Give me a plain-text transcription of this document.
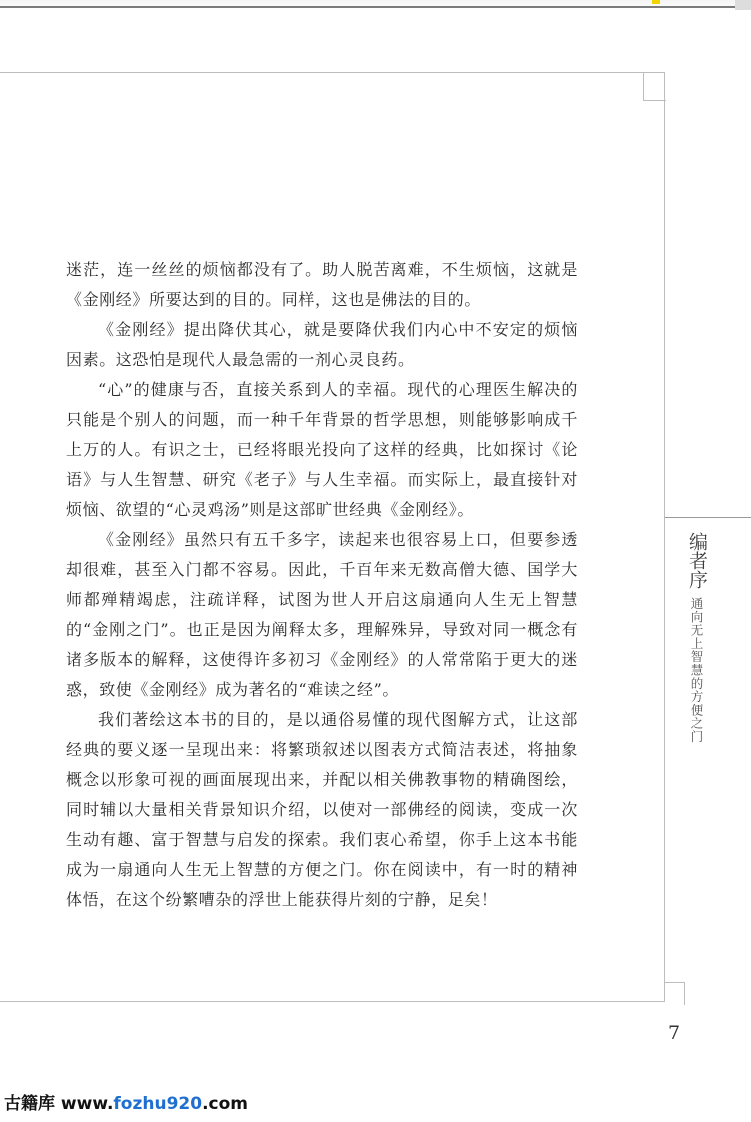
迷茫，连一丝丝的烦恼都没有了。助人脱苦离难，不生烦恼，这就是《金刚经》所要达到的目的。同样，这也是佛法的目的。

《金刚经》提出降伏其心，就是要降伏我们内心中不安定的烦恼因素。这恐怕是现代人最急需的一剂心灵良药。

“心”的健康与否，直接关系到人的幸福。现代的心理医生解决的只能是个别人的问题，而一种千年背景的哲学思想，则能够影响成千上万的人。有识之士，已经将眼光投向了这样的经典，比如探讨《论语》与人生智慧、研究《老子》与人生幸福。而实际上，最直接针对烦恼、欲望的“心灵鸡汤”则是这部旷世经典《金刚经》。

《金刚经》虽然只有五千多字，读起来也很容易上口，但要参透却很难，甚至入门都不容易。因此，千百年来无数高僧大德、国学大师都殚精竭虑，注疏详释，试图为世人开启这扇通向人生无上智慧的“金刚之门”。也正是因为阐释太多，理解殊异，导致对同一概念有诸多版本的解释，这使得许多初习《金刚经》的人常常陷于更大的迷惑，致使《金刚经》成为著名的“难读之经”。

我们著绘这本书的目的，是以通俗易懂的现代图解方式，让这部经典的要义逐一呈现出来：将繁琐叙述以图表方式简洁表述，将抽象概念以形象可视的画面展现出来，并配以相关佛教事物的精确图绘，同时辅以大量相关背景知识介绍，以使对一部佛经的阅读，变成一次生动有趣、富于智慧与启发的探索。我们衷心希望，你手上这本书能成为一扇通向人生无上智慧的方便之门。你在阅读中，有一时的精神体悟，在这个纷繁嘈杂的浮世上能获得片刻的宁静，足矣！

编者序
通向无上智慧的方便之门
7
古籍库 www.fozhu920.com
